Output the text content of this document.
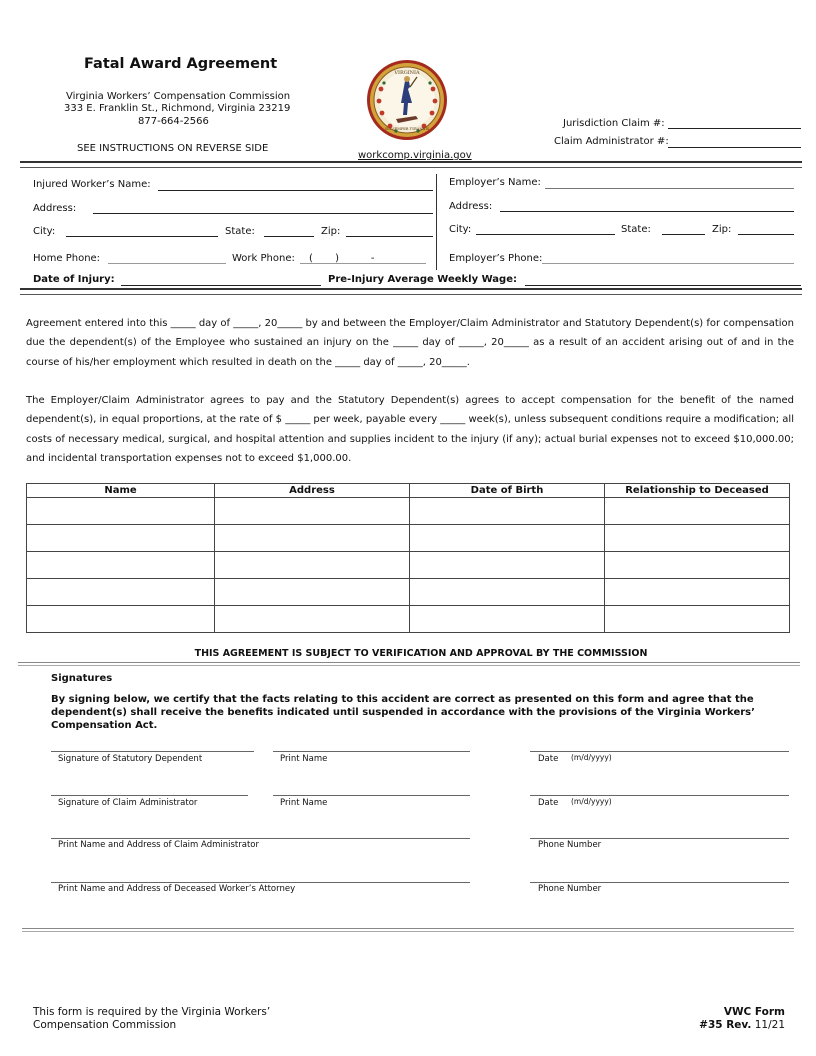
Fatal Award Agreement
Virginia Workers’ Compensation Commission
333 E. Franklin St., Richmond, Virginia 23219
877-664-2566
SEE INSTRUCTIONS ON REVERSE SIDE
VIRGINIA
SIC SEMPER TYRANNIS
workcomp.virginia.gov
Jurisdiction Claim #:
Claim Administrator #:
Injured Worker’s Name:
Address:
City:	State:	Zip:
Home Phone:	Work Phone: (       )          -
Employer’s Name:
Address:
City:	State:	Zip:
Employer’s Phone:
Date of Injury:	Pre-Injury Average Weekly Wage:
Agreement entered into this _____ day of _____, 20_____ by and between the Employer/Claim Administrator and Statutory Dependent(s) for compensation due the dependent(s) of the Employee who sustained an injury on the _____ day of _____, 20_____ as a result of an accident arising out of and in the course of his/her employment which resulted in death on the _____ day of _____, 20_____.
The Employer/Claim Administrator agrees to pay and the Statutory Dependent(s) agrees to accept compensation for the benefit of the named dependent(s), in equal proportions, at the rate of $ _____ per week, payable every _____ week(s), unless subsequent conditions require a modification; all costs of necessary medical, surgical, and hospital attention and supplies incident to the injury (if any); actual burial expenses not to exceed $10,000.00; and incidental transportation expenses not to exceed $1,000.00.
Name	Address	Date of Birth	Relationship to Deceased

THIS AGREEMENT IS SUBJECT TO VERIFICATION AND APPROVAL BY THE COMMISSION
Signatures
By signing below, we certify that the facts relating to this accident are correct as presented on this form and agree that the dependent(s) shall receive the benefits indicated until suspended in accordance with the provisions of the Virginia Workers’ Compensation Act.
Signature of Statutory Dependent	Print Name	Date (m/d/yyyy)
Signature of Claim Administrator	Print Name	Date (m/d/yyyy)
Print Name and Address of Claim Administrator	Phone Number
Print Name and Address of Deceased Worker’s Attorney	Phone Number
This form is required by the Virginia Workers’
Compensation Commission
VWC Form
#35 Rev. 11/21
